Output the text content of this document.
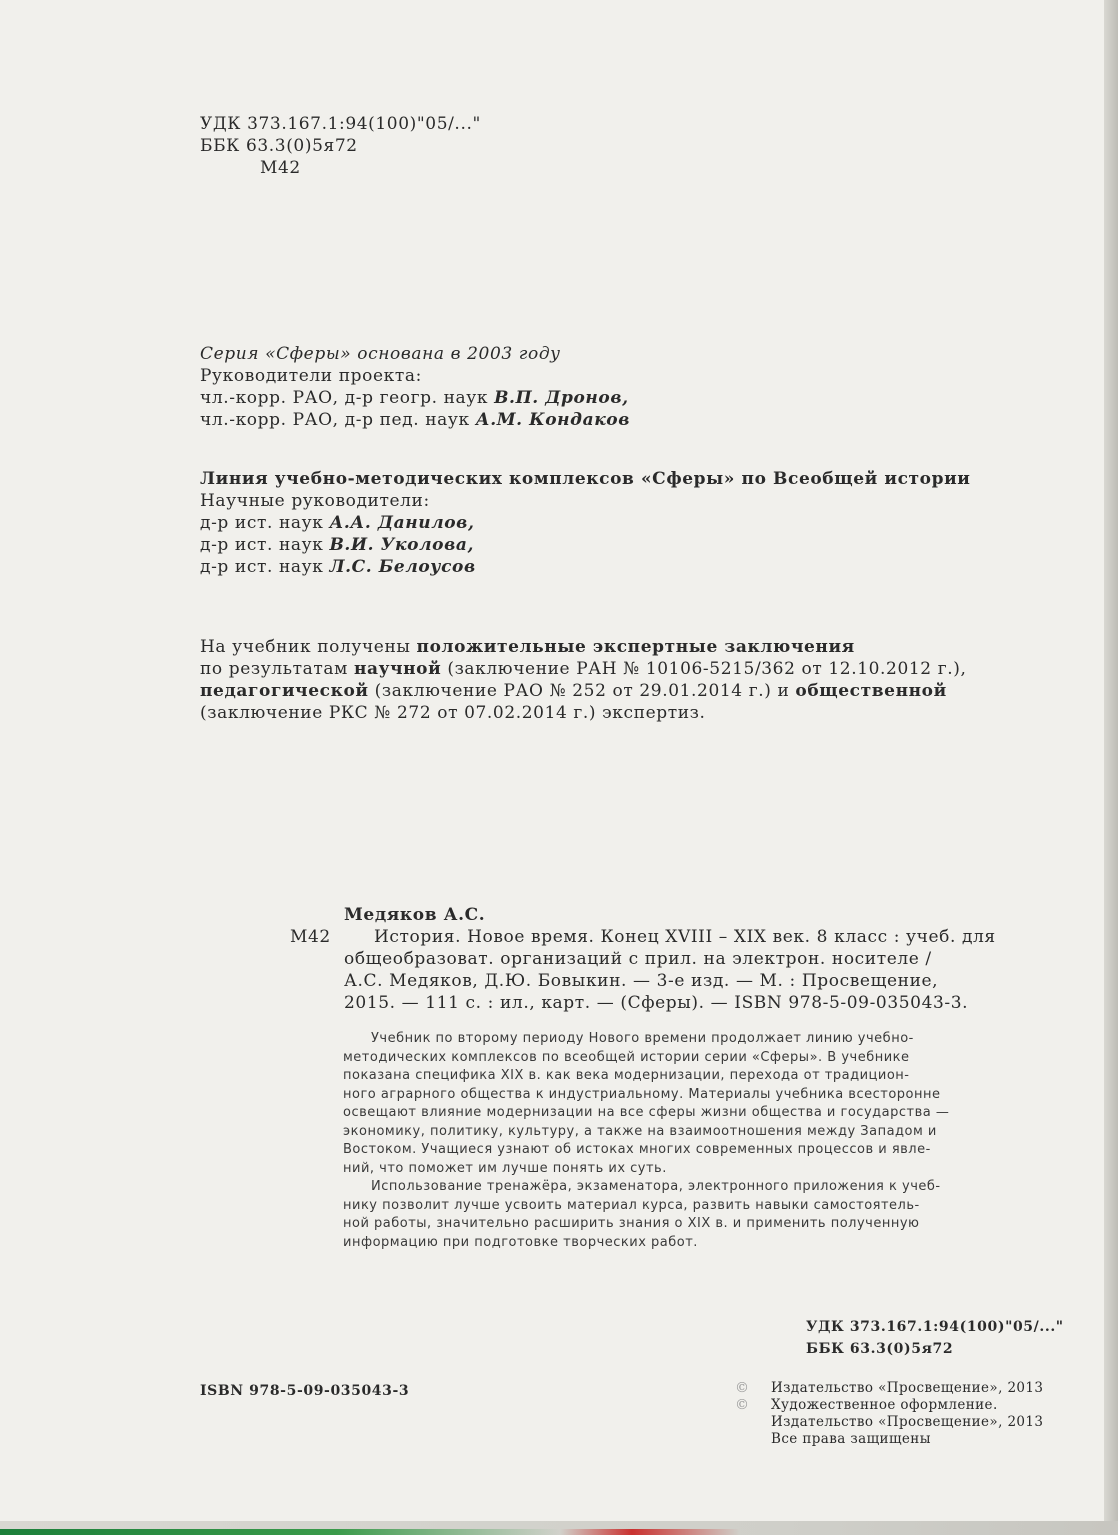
УДК 373.167.1:94(100)"05/..."
ББК 63.3(0)5я72
М42
Серия «Сферы» основана в 2003 году
Руководители проекта:
чл.-корр. РАО, д-р геогр. наук В.П. Дронов,
чл.-корр. РАО, д-р пед. наук А.М. Кондаков
Линия учебно-методических комплексов «Сферы» по Всеобщей истории
Научные руководители:
д-р ист. наук А.А. Данилов,
д-р ист. наук В.И. Уколова,
д-р ист. наук Л.С. Белоусов
На учебник получены положительные экспертные заключения
по результатам научной (заключение РАН № 10106-5215/362 от 12.10.2012 г.),
педагогической (заключение РАО № 252 от 29.01.2014 г.) и общественной
(заключение РКС № 272 от 07.02.2014 г.) экспертиз.
Медяков А.С.
М42	История. Новое время. Конец XVIII – XIX век. 8 класс : учеб. для
общеобразоват. организаций с прил. на электрон. носителе /
А.С. Медяков, Д.Ю. Бовыкин. — 3-е изд. — М. : Просвещение,
2015. — 111 с. : ил., карт. — (Сферы). — ISBN 978-5-09-035043-3.
Учебник по второму периоду Нового времени продолжает линию учебно-
методических комплексов по всеобщей истории серии «Сферы». В учебнике
показана специфика XIX в. как века модернизации, перехода от традицион-
ного аграрного общества к индустриальному. Материалы учебника всесторонне
освещают влияние модернизации на все сферы жизни общества и государства —
экономику, политику, культуру, а также на взаимоотношения между Западом и
Востоком. Учащиеся узнают об истоках многих современных процессов и явле-
ний, что поможет им лучше понять их суть.
Использование тренажёра, экзаменатора, электронного приложения к учеб-
нику позволит лучше усвоить материал курса, развить навыки самостоятель-
ной работы, значительно расширить знания о XIX в. и применить полученную
информацию при подготовке творческих работ.
УДК 373.167.1:94(100)"05/..."
ББК 63.3(0)5я72
ISBN 978-5-09-035043-3	©	Издательство «Просвещение», 2013
©	Художественное оформление.
Издательство «Просвещение», 2013
Все права защищены
